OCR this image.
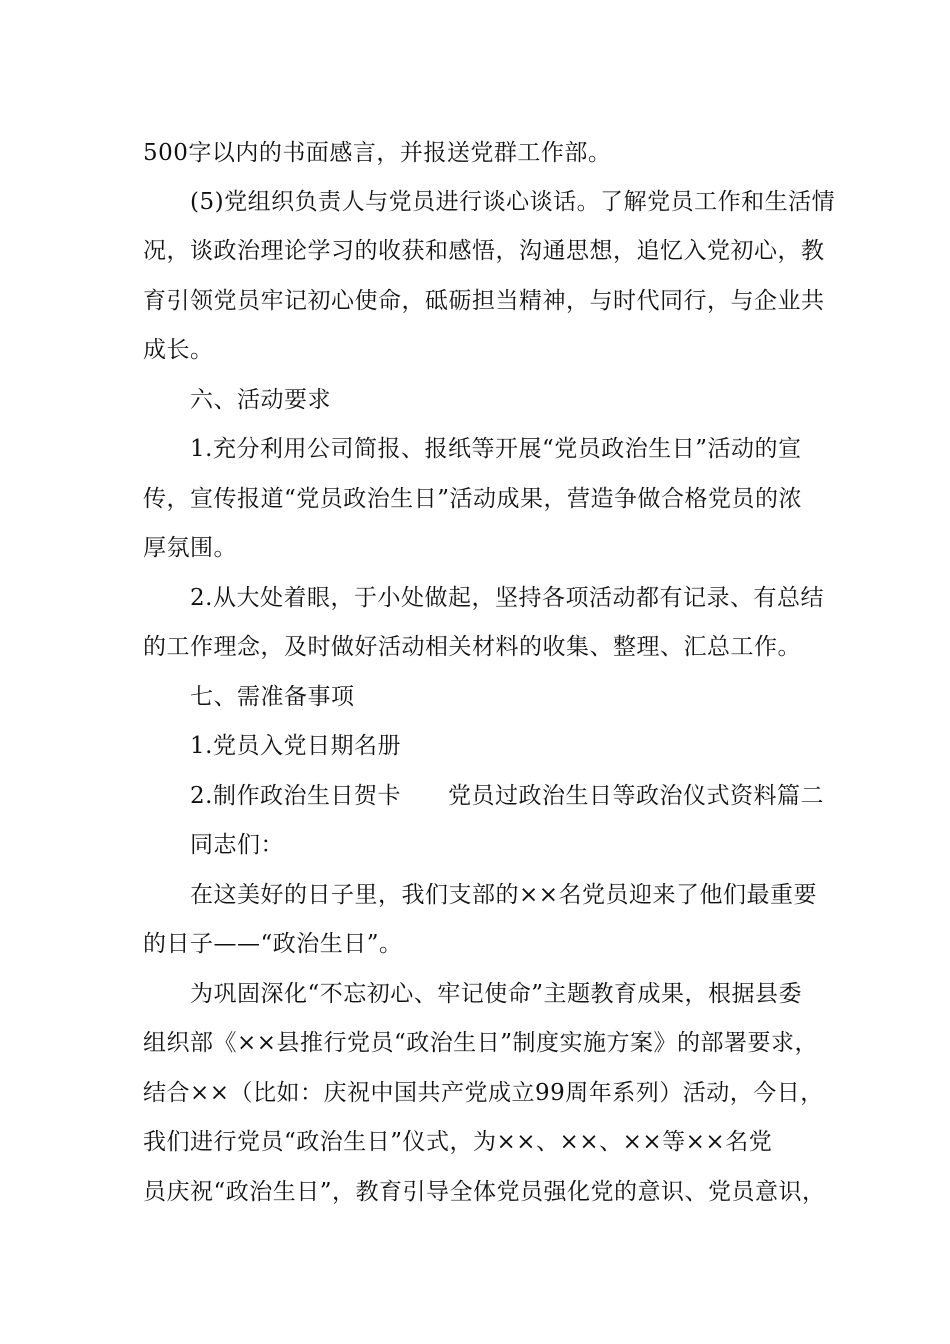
500字以内的书面感言，并报送党群工作部。
(5)党组织负责人与党员进行谈心谈话。了解党员工作和生活情
况，谈政治理论学习的收获和感悟，沟通思想，追忆入党初心，教
育引领党员牢记初心使命，砥砺担当精神，与时代同行，与企业共
成长。
六、活动要求
1.充分利用公司简报、报纸等开展“党员政治生日”活动的宣
传，宣传报道“党员政治生日”活动成果，营造争做合格党员的浓
厚氛围。
2.从大处着眼，于小处做起，坚持各项活动都有记录、有总结
的工作理念，及时做好活动相关材料的收集、整理、汇总工作。
七、需准备事项
1.党员入党日期名册
2.制作政治生日贺卡　　党员过政治生日等政治仪式资料篇二
同志们：
在这美好的日子里，我们支部的××名党员迎来了他们最重要
的日子——“政治生日”。
为巩固深化“不忘初心、牢记使命”主题教育成果，根据县委
组织部《××县推行党员“政治生日”制度实施方案》的部署要求，
结合××（比如：庆祝中国共产党成立99周年系列）活动，今日，
我们进行党员“政治生日”仪式，为××、××、××等××名党
员庆祝“政治生日”，教育引导全体党员强化党的意识、党员意识，
